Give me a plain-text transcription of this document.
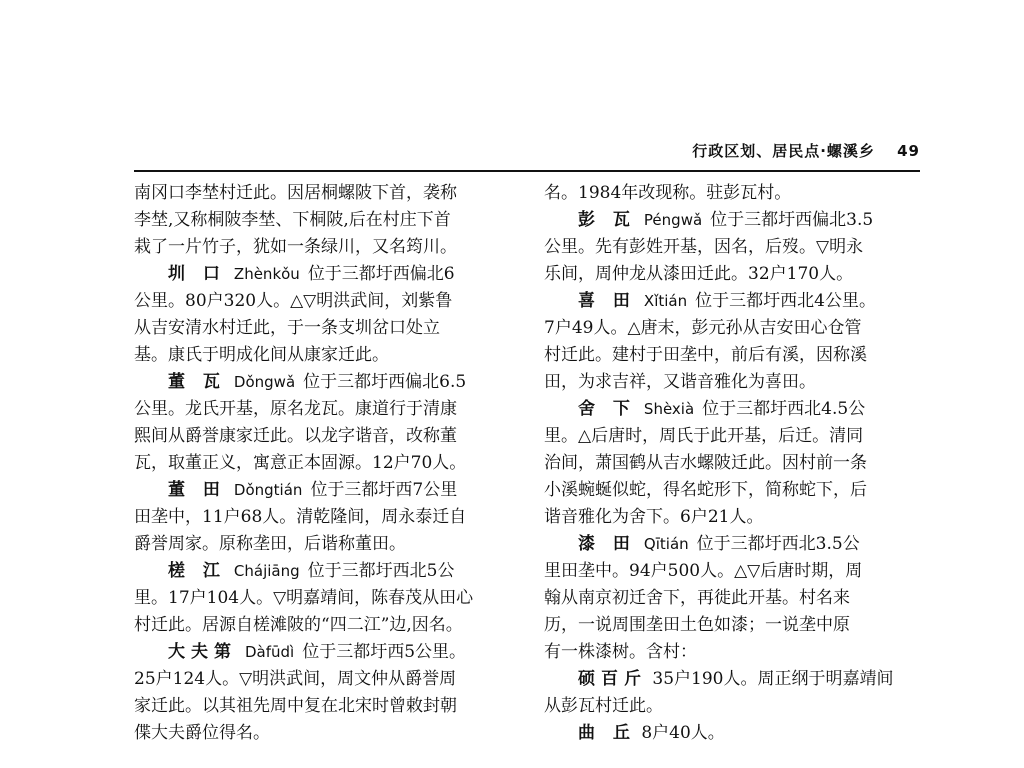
行政区划、居民点·螺溪乡 49
南冈口李埜村迁此。因居桐螺陂下首，袭称
李埜,又称桐陂李埜、下桐陂,后在村庄下首
栽了一片竹子，犹如一条绿川，又名筠川。
圳 口 Zhènkǒu 位于三都圩西偏北6
公里。80户320人。△▽明洪武间，刘紫鲁
从吉安清水村迁此，于一条支圳岔口处立
基。康氏于明成化间从康家迁此。
董 瓦 Dǒngwǎ 位于三都圩西偏北6.5
公里。龙氏开基，原名龙瓦。康道行于清康
熙间从爵誉康家迁此。以龙字谐音，改称董
瓦，取董正义，寓意正本固源。12户70人。
董 田 Dǒngtián 位于三都圩西7公里
田垄中，11户68人。清乾隆间，周永泰迁自
爵誉周家。原称垄田，后谐称董田。
槎 江 Chájiāng 位于三都圩西北5公
里。17户104人。▽明嘉靖间，陈春茂从田心
村迁此。居源自槎滩陂的“四二江”边,因名。
大夫第 Dàfūdì 位于三都圩西5公里。
25户124人。▽明洪武间，周文仲从爵誉周
家迁此。以其祖先周中复在北宋时曾敕封朝
偞大夫爵位得名。
名。1984年改现称。驻彭瓦村。
彭 瓦 Péngwǎ 位于三都圩西偏北3.5
公里。先有彭姓开基，因名，后歿。▽明永
乐间，周仲龙从漆田迁此。32户170人。
喜 田 Xǐtián 位于三都圩西北4公里。
7户49人。△唐末，彭元孙从吉安田心仓管
村迁此。建村于田垄中，前后有溪，因称溪
田，为求吉祥，又谐音雅化为喜田。
舍 下 Shèxià 位于三都圩西北4.5公
里。△后唐时，周氏于此开基，后迁。清同
治间，萧国鹤从吉水螺陂迁此。因村前一条
小溪蜿蜒似蛇，得名蛇形下，简称蛇下，后
谐音雅化为舍下。6户21人。
漆 田 Qītián 位于三都圩西北3.5公
里田垄中。94户500人。△▽后唐时期，周
翰从南京初迁舍下，再徙此开基。村名来
历，一说周围垄田土色如漆；一说垄中原
有一株漆树。含村：
硕百斤 35户190人。周正纲于明嘉靖间
从彭瓦村迁此。
曲 丘 8户40人。
